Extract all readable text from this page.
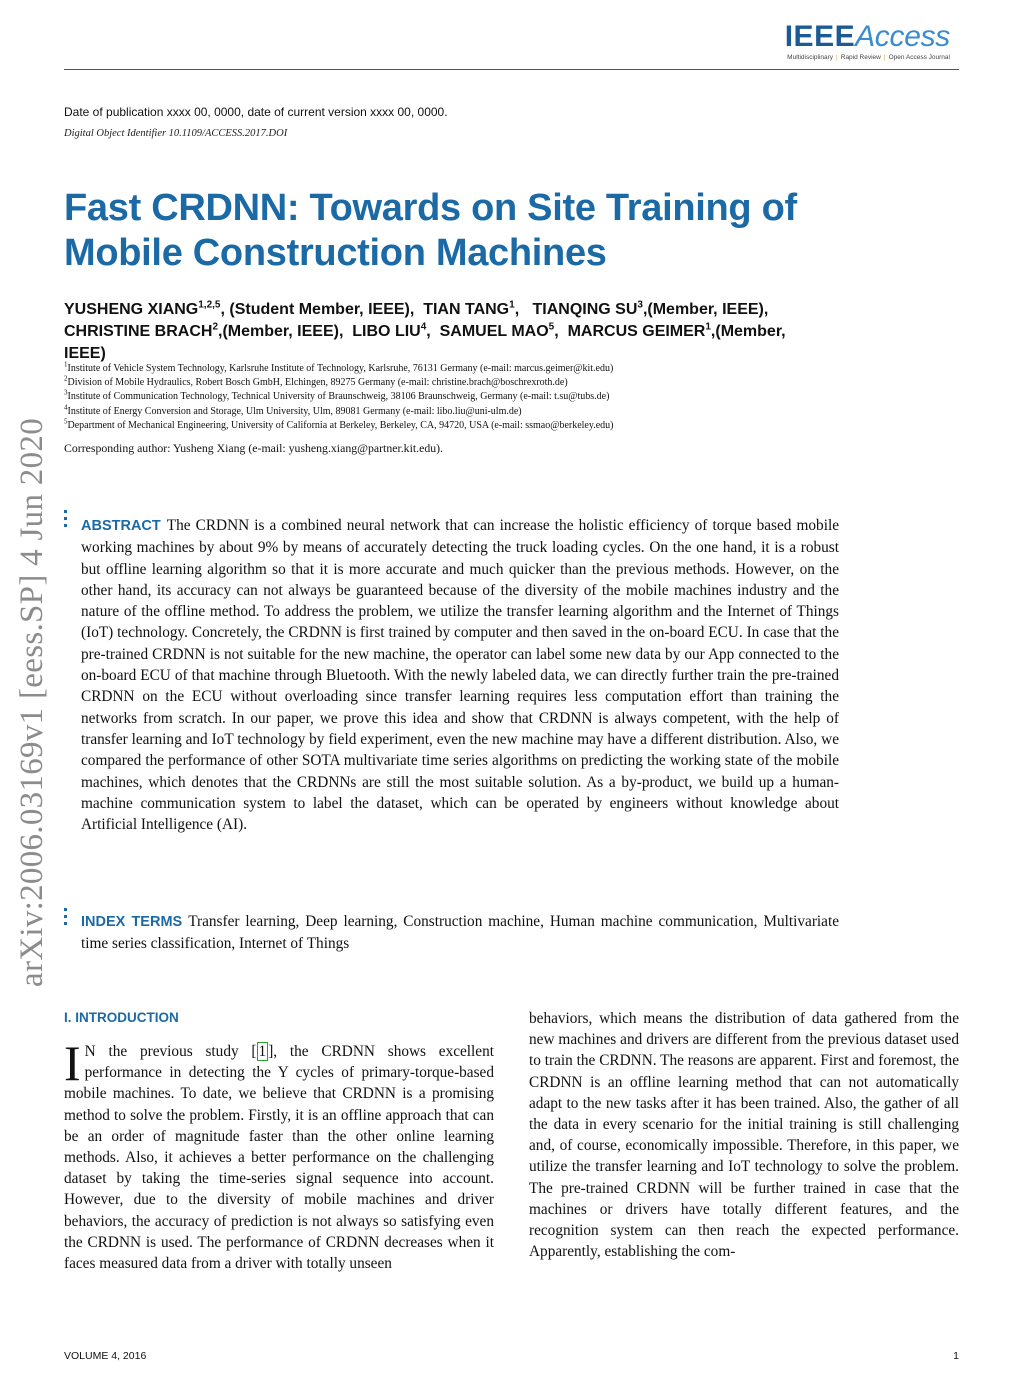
IEEEAccess
Multidisciplinary | Rapid Review | Open Access Journal
Date of publication xxxx 00, 0000, date of current version xxxx 00, 0000.
Digital Object Identifier 10.1109/ACCESS.2017.DOI
Fast CRDNN: Towards on Site Training of
Mobile Construction Machines
YUSHENG XIANG$^{1,2,5}$, (Student Member, IEEE), TIAN TANG$^1$, TIANQING $SU^3,(Member$, IEEE),  CHRISTINE BRACH$^2$,(Member, IEEE), LIBO LIU$^4$, SAMUEL MAO$^5$, MARCUS GEIMER$^1$,(Member, IEEE)
$^1$Institute of Vehicle System Technology, Karlsruhe Institute of Technology, Karlsruhe, 76131 Germany (e-mail: marcus.geimer@kit.edu)
$^2$Division of Mobile Hydraulics, Robert Bosch GmbH, Elchingen, 89275 Germany (e-mail: christine.brach@boschrexroth.de)
$^3$Institute of Communication Technology, Technical University of Braunschweig, 38106 Braunschweig, Germany (e-mail: t.su@tubs.de)
$^4$Institute of Energy Conversion and Storage, Ulm University, Ulm, 89081 Germany (e-mail: libo.liu@uni-ulm.de)
$^5$Department of Mechanical Engineering, University of California at Berkeley, Berkeley, CA, 94720, USA (e-mail: ssmao@berkeley.edu)
Corresponding author: Yusheng Xiang (e-mail: yusheng.xiang@partner.kit.edu).
arXiv:2006.03169v1 [eess.SP] 4 Jun 2020 ABSTRACT The CRDNN is a combined neural network that can increase the holistic efficiency of torque based mobile working machines by about 9% by means of accurately detecting the truck loading cycles. On the one hand, it is a robust but offline learning algorithm so that it is more accurate and much quicker than the previous methods. However, on the other hand, its accuracy can not always be guaranteed because of the diversity of the mobile machines industry and the nature of the offline method. To address the problem, we utilize the transfer learning algorithm and the Internet of Things (IoT) technology. Concretely, the CRDNN is first trained by computer and then saved in the on-board ECU. In case that the pre-trained CRDNN is not suitable for the new machine, the operator can label some new data by our App connected to the on-board ECU of that machine through Bluetooth. With the newly labeled data, we can directly further train the pre-trained CRDNN on the ECU without overloading since transfer learning requires less computation effort than training the networks from scratch. In our paper, we prove this idea and show that CRDNN is always competent, with the help of transfer learning and IoT technology by field experiment, even the new machine may have a different distribution. Also, we compared the performance of other SOTA multivariate time series algorithms on predicting the working state of the mobile machines, which denotes that the CRDNNs are still the most suitable solution. As a by-product, we build up a human-machine communication system to label the dataset, which can be operated by engineers without knowledge about Artificial Intelligence (AI).
INDEX TERMS Transfer learning, Deep learning, Construction machine, Human machine communication, Multivariate time series classification, Internet of Things
I. INTRODUCTION
I N the previous study [ 1 ], the CRDNN shows excellent performance in detecting the Y cycles of primary-torque-based mobile machines. To date, we believe that CRDNN is a promising method to solve the problem. Firstly, it is an offline approach that can be an order of magnitude faster than the other online learning methods. Also, it achieves a better performance on the challenging dataset by taking the time-series signal sequence into account. However, due to the diversity of mobile machines and driver behaviors, the accuracy of prediction is not always so satisfying even the CRDNN is used. The performance of CRDNN decreases when it faces measured data from a driver with totally unseen
behaviors, which means the distribution of data gathered from the new machines and drivers are different from the previous dataset used to train the CRDNN. The reasons are apparent. First and foremost, the CRDNN is an offline learning method that can not automatically adapt to the new tasks after it has been trained. Also, the gather of all the data in every scenario for the initial training is still challenging and, of course, economically impossible. Therefore, in this paper, we utilize the transfer learning and IoT technology to solve the problem. The pre-trained CRDNN will be further trained in case that the machines or drivers have totally different features, and the recognition system can then reach the expected performance. Apparently, establishing the com-
VOLUME 4, 2016	1
